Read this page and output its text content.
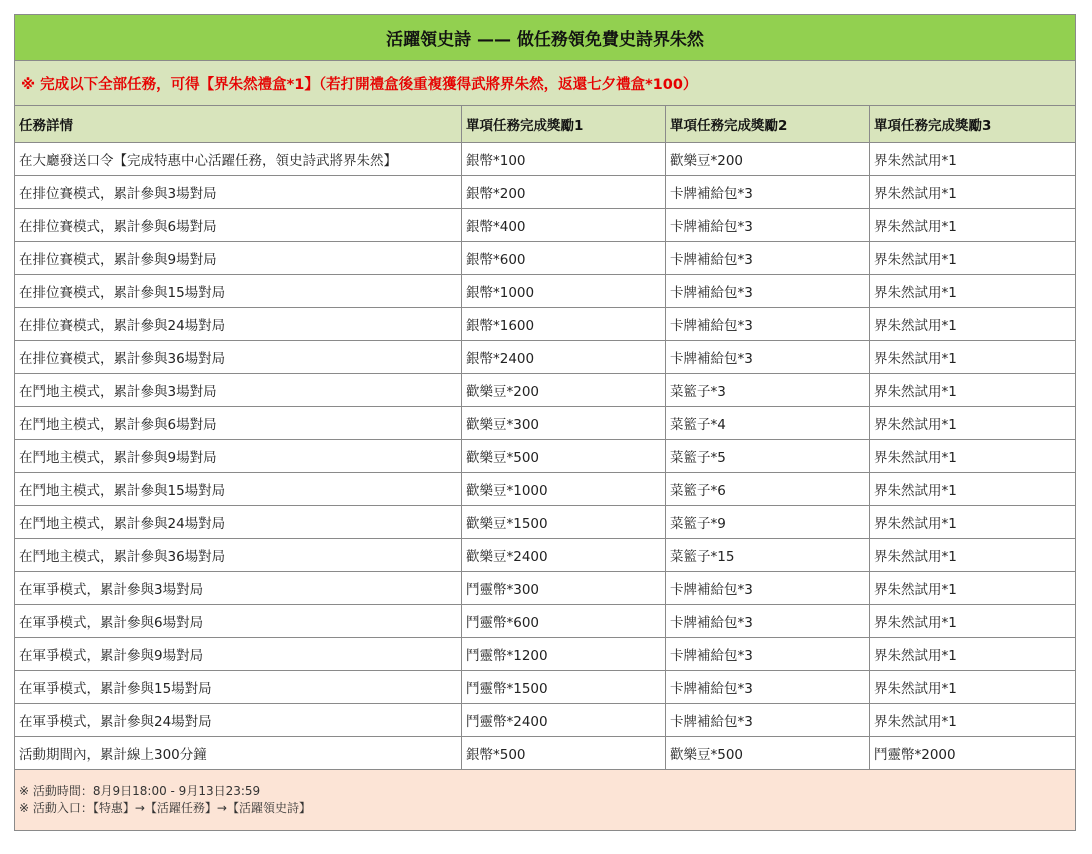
活躍領史詩 —— 做任務領免費史詩界朱然			
※ 完成以下全部任務，可得【界朱然禮盒*1】（若打開禮盒後重複獲得武將界朱然，返還七夕禮盒*100）			
任務詳情	單項任務完成獎勵1	單項任務完成獎勵2	單項任務完成獎勵3
在大廳發送口令【完成特惠中心活躍任務，領史詩武將界朱然】	銀幣*100	歡樂豆*200	界朱然試用*1
在排位賽模式，累計參與3場對局	銀幣*200	卡牌補給包*3	界朱然試用*1
在排位賽模式，累計參與6場對局	銀幣*400	卡牌補給包*3	界朱然試用*1
在排位賽模式，累計參與9場對局	銀幣*600	卡牌補給包*3	界朱然試用*1
在排位賽模式，累計參與15場對局	銀幣*1000	卡牌補給包*3	界朱然試用*1
在排位賽模式，累計參與24場對局	銀幣*1600	卡牌補給包*3	界朱然試用*1
在排位賽模式，累計參與36場對局	銀幣*2400	卡牌補給包*3	界朱然試用*1
在鬥地主模式，累計參與3場對局	歡樂豆*200	菜籃子*3	界朱然試用*1
在鬥地主模式，累計參與6場對局	歡樂豆*300	菜籃子*4	界朱然試用*1
在鬥地主模式，累計參與9場對局	歡樂豆*500	菜籃子*5	界朱然試用*1
在鬥地主模式，累計參與15場對局	歡樂豆*1000	菜籃子*6	界朱然試用*1
在鬥地主模式，累計參與24場對局	歡樂豆*1500	菜籃子*9	界朱然試用*1
在鬥地主模式，累計參與36場對局	歡樂豆*2400	菜籃子*15	界朱然試用*1
在軍爭模式，累計參與3場對局	鬥靈幣*300	卡牌補給包*3	界朱然試用*1
在軍爭模式，累計參與6場對局	鬥靈幣*600	卡牌補給包*3	界朱然試用*1
在軍爭模式，累計參與9場對局	鬥靈幣*1200	卡牌補給包*3	界朱然試用*1
在軍爭模式，累計參與15場對局	鬥靈幣*1500	卡牌補給包*3	界朱然試用*1
在軍爭模式，累計參與24場對局	鬥靈幣*2400	卡牌補給包*3	界朱然試用*1
活動期間內，累計線上300分鐘	銀幣*500	歡樂豆*500	鬥靈幣*2000

※ 活動時間：8月9日18:00 - 9月13日23:59
※ 活動入口：【特惠】→【活躍任務】→【活躍領史詩】			
